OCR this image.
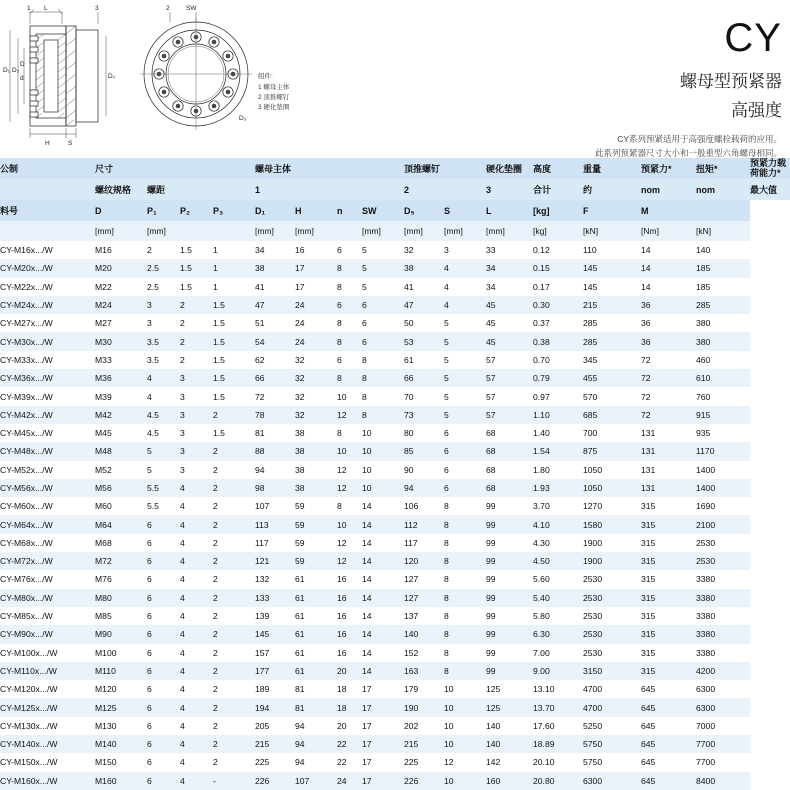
1 L	3
D₁ D₂
D
d	D₂
H	S
2	SW
D₃
组件:
1 螺母主体
2 顶推螺钉
3 硬化垫圈
CY
螺母型预紧器
高强度
CY系列预紧适用于高强度螺栓载荷的应用。
此系列预紧器尺寸大小和一般重型六角螺母相同。
公制	尺寸				螺母主体				顶推螺钉		硬化垫圈	高度	重量	预紧力*	扭矩*	预紧力载荷能力*
	螺纹规格	螺距			1				2		3	合计	约	nom	nom	最大值
料号	D	P₁	P₂	P₃	D₁	H	n	SW	D₅	S	L	[kg]	F	M		
	[mm]	[mm]			[mm]	[mm]		[mm]	[mm]	[mm]	[mm]	[kg]	[kN]	[Nm]	[kN]	
CY-M16x.../W	M16	2	1.5	1	34	16	6	5	32	3	33	0.12	110	14	140	
CY-M20x.../W	M20	2.5	1.5	1	38	17	8	5	38	4	34	0.15	145	14	185	
CY-M22x.../W	M22	2.5	1.5	1	41	17	8	5	41	4	34	0.17	145	14	185	
CY-M24x.../W	M24	3	2	1.5	47	24	6	6	47	4	45	0.30	215	36	285	
CY-M27x.../W	M27	3	2	1.5	51	24	8	6	50	5	45	0.37	285	36	380	
CY-M30x.../W	M30	3.5	2	1.5	54	24	8	6	53	5	45	0.38	285	36	380	
CY-M33x.../W	M33	3.5	2	1.5	62	32	6	8	61	5	57	0.70	345	72	460	
CY-M36x.../W	M36	4	3	1.5	66	32	8	8	66	5	57	0.79	455	72	610	
CY-M39x.../W	M39	4	3	1.5	72	32	10	8	70	5	57	0.97	570	72	760	
CY-M42x.../W	M42	4.5	3	2	78	32	12	8	73	5	57	1.10	685	72	915	
CY-M45x.../W	M45	4.5	3	1.5	81	38	8	10	80	6	68	1.40	700	131	935	
CY-M48x.../W	M48	5	3	2	88	38	10	10	85	6	68	1.54	875	131	1170	
CY-M52x.../W	M52	5	3	2	94	38	12	10	90	6	68	1.80	1050	131	1400	
CY-M56x.../W	M56	5.5	4	2	98	38	12	10	94	6	68	1.93	1050	131	1400	
CY-M60x.../W	M60	5.5	4	2	107	59	8	14	106	8	99	3.70	1270	315	1690	
CY-M64x.../W	M64	6	4	2	113	59	10	14	112	8	99	4.10	1580	315	2100	
CY-M68x.../W	M68	6	4	2	117	59	12	14	117	8	99	4.30	1900	315	2530	
CY-M72x.../W	M72	6	4	2	121	59	12	14	120	8	99	4.50	1900	315	2530	
CY-M76x.../W	M76	6	4	2	132	61	16	14	127	8	99	5.60	2530	315	3380	
CY-M80x.../W	M80	6	4	2	133	61	16	14	127	8	99	5.40	2530	315	3380	
CY-M85x.../W	M85	6	4	2	139	61	16	14	137	8	99	5.80	2530	315	3380	
CY-M90x.../W	M90	6	4	2	145	61	16	14	140	8	99	6.30	2530	315	3380	
CY-M100x.../W	M100	6	4	2	157	61	16	14	152	8	99	7.00	2530	315	3380	
CY-M110x.../W	M110	6	4	2	177	61	20	14	163	8	99	9.00	3150	315	4200	
CY-M120x.../W	M120	6	4	2	189	81	18	17	179	10	125	13.10	4700	645	6300	
CY-M125x.../W	M125	6	4	2	194	81	18	17	190	10	125	13.70	4700	645	6300	
CY-M130x.../W	M130	6	4	2	205	94	20	17	202	10	140	17.60	5250	645	7000	
CY-M140x.../W	M140	6	4	2	215	94	22	17	215	10	140	18.89	5750	645	7700	
CY-M150x.../W	M150	6	4	2	225	94	22	17	225	12	142	20.10	5750	645	7700	
CY-M160x.../W	M160	6	4	-	226	107	24	17	226	10	160	20.80	6300	645	8400	
